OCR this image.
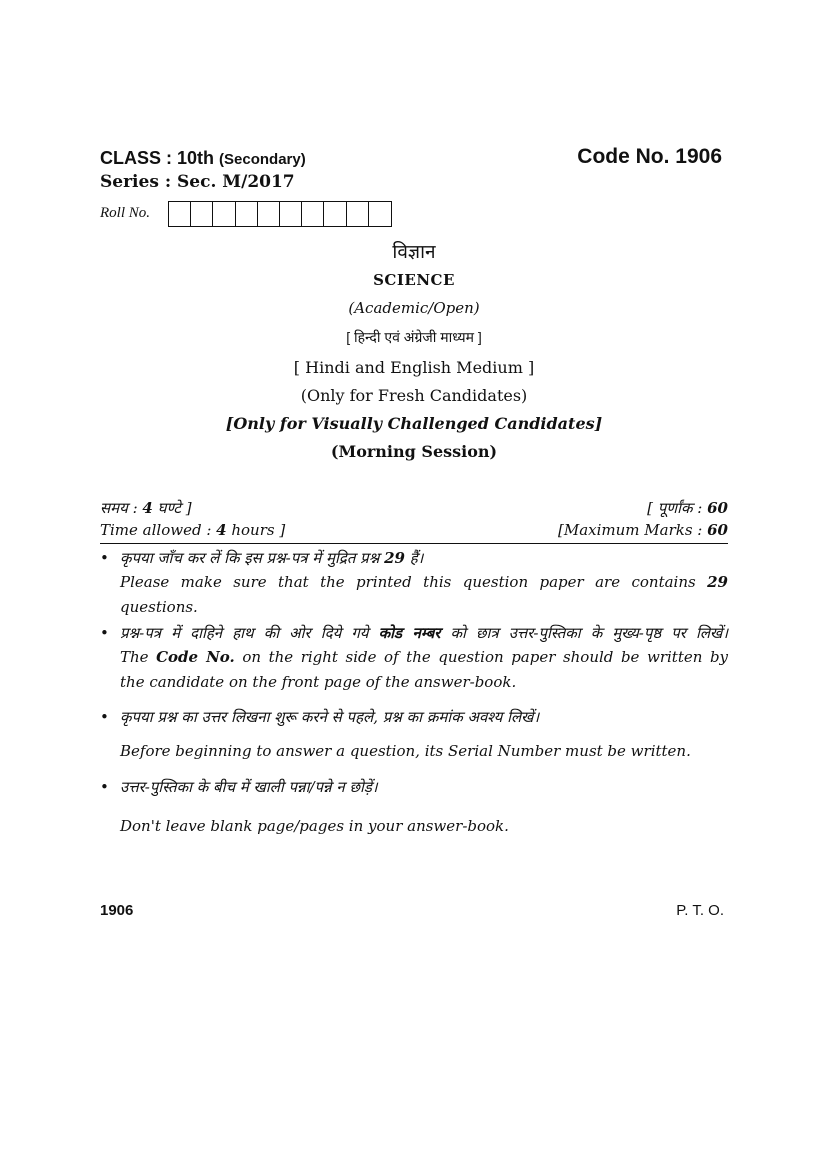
CLASS : 10th (Secondary)	Code No. 1906
Series : Sec. M/2017
Roll No.
विज्ञान
SCIENCE
(Academic/Open)
[ हिन्दी एवं अंग्रेजी माध्यम ]
[ Hindi and English Medium ]
(Only for Fresh Candidates)
[Only for Visually Challenged Candidates]
(Morning Session)
समय : 4 घण्टे ]	[ पूर्णांक : 60
Time allowed : 4 hours ]	[Maximum Marks : 60
• कृपया जाँच कर लें कि इस प्रश्न-पत्र में मुद्रित प्रश्न 29 हैं।
Please make sure that the printed this question paper are contains 29
questions.
• प्रश्न-पत्र में दाहिने हाथ की ओर दिये गये कोड नम्बर को छात्र उत्तर-पुस्तिका के मुख्य-पृष्ठ पर लिखें।
The Code No. on the right side of the question paper should be written by
the candidate on the front page of the answer-book.
• कृपया प्रश्न का उत्तर लिखना शुरू करने से पहले, प्रश्न का क्रमांक अवश्य लिखें।
Before beginning to answer a question, its Serial Number must be written.
• उत्तर-पुस्तिका के बीच में खाली पन्ना/पन्ने न छोड़ें।
Don't leave blank page/pages in your answer-book.
1906	P. T. O.
